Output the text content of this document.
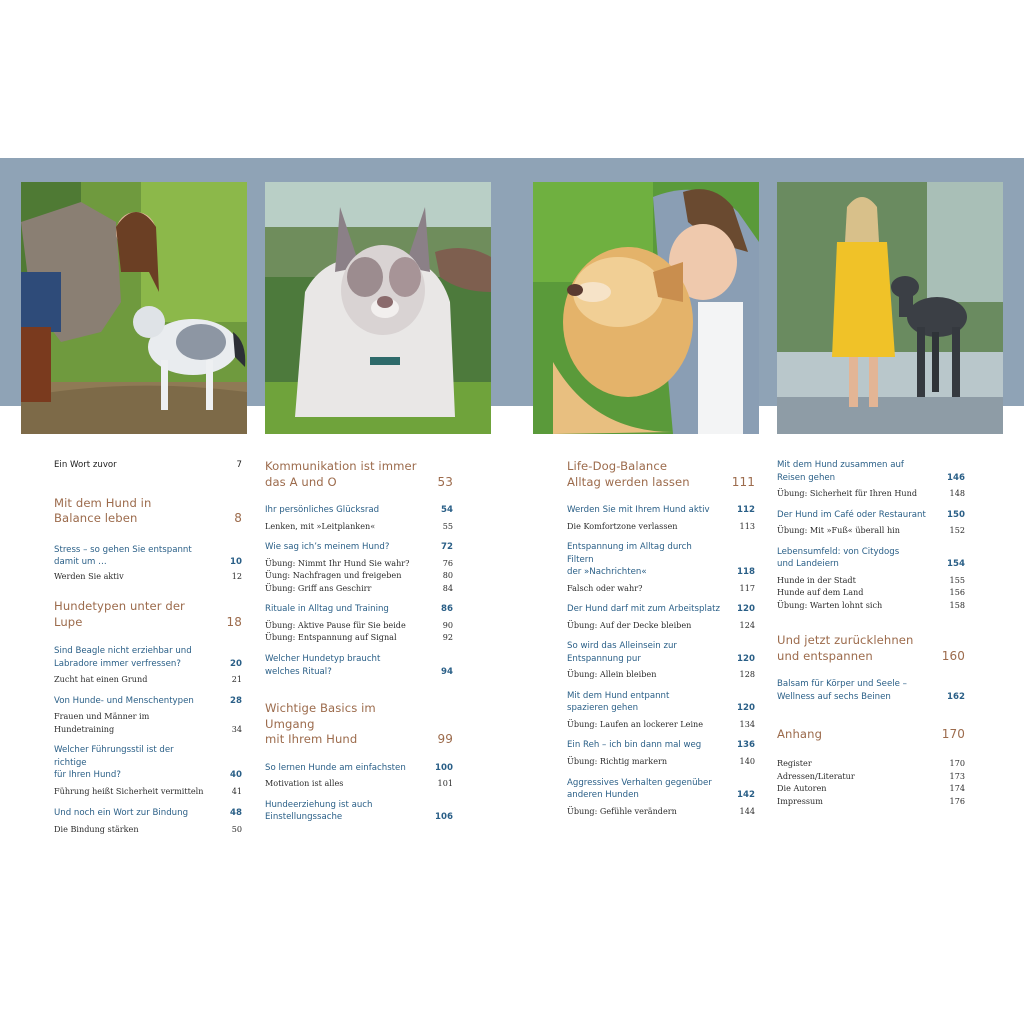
Ein Wort zuvor	7
Mit dem Hund in
Balance leben	8
Stress – so gehen Sie entspannt
damit um …	10
Werden Sie aktiv	12
Hundetypen unter der Lupe	18
Sind Beagle nicht erziehbar und
Labradore immer verfressen?	20
Zucht hat einen Grund	21
Von Hunde- und Menschentypen	28
Frauen und Männer im Hundetraining	34
Welcher Führungsstil ist der richtige
für Ihren Hund?	40
Führung heißt Sicherheit vermitteln	41
Und noch ein Wort zur Bindung	48
Die Bindung stärken	50
Kommunikation ist immer
das A und O	53
Ihr persönliches Glücksrad	54
Lenken, mit »Leitplanken«	55
Wie sag ich’s meinem Hund?	72
Übung: Nimmt Ihr Hund Sie wahr?	76
Üung: Nachfragen und freigeben	80
Übung: Griff ans Geschirr	84
Rituale in Alltag und Training	86
Übung: Aktive Pause für Sie beide	90
Übung: Entspannung auf Signal	92
Welcher Hundetyp braucht
welches Ritual?	94
Wichtige Basics im Umgang
mit Ihrem Hund	99
So lernen Hunde am einfachsten	100
Motivation ist alles	101
Hundeerziehung ist auch
Einstellungssache	106
Life-Dog-Balance
Alltag werden lassen	111
Werden Sie mit Ihrem Hund aktiv	112
Die Komfortzone verlassen	113
Entspannung im Alltag durch Filtern
der »Nachrichten«	118
Falsch oder wahr?	117
Der Hund darf mit zum Arbeitsplatz	120
Übung: Auf der Decke bleiben	124
So wird das Alleinsein zur
Entspannung pur	120
Übung: Allein bleiben	128
Mit dem Hund entpannt
spazieren gehen	120
Übung: Laufen an lockerer Leine	134
Ein Reh – ich bin dann mal weg	136
Übung: Richtig markern	140
Aggressives Verhalten gegenüber
anderen Hunden	142
Übung: Gefühle verändern	144
Mit dem Hund zusammen auf
Reisen gehen	146
Übung: Sicherheit für Ihren Hund	148
Der Hund im Café oder Restaurant	150
Übung: Mit »Fuß« überall hin	152
Lebensumfeld: von Citydogs
und Landeiern	154
Hunde in der Stadt	155
Hunde auf dem Land	156
Übung: Warten lohnt sich	158
Und jetzt zurücklehnen
und entspannen	160
Balsam für Körper und Seele –
Wellness auf sechs Beinen	162
Anhang	170
Register	170
Adressen/Literatur	173
Die Autoren	174
Impressum	176
